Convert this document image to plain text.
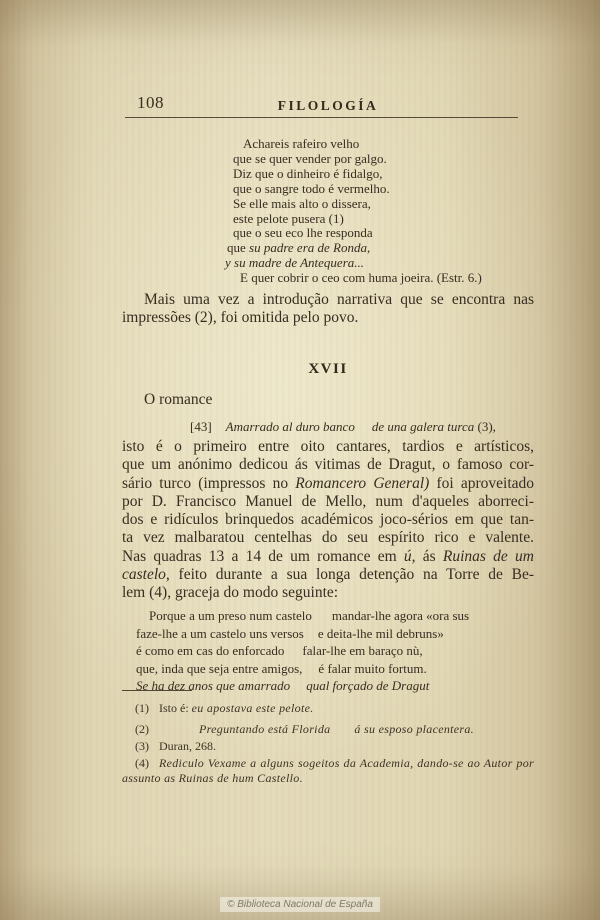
108	FILOLOGÍA
Achareis rafeiro velho
que se quer vender por galgo.
Diz que o dinheiro é fidalgo,
que o sangre todo é vermelho.
Se elle mais alto o dissera,
este pelote pusera (1)
que o seu eco lhe responda
que su padre era de Ronda,
y su madre de Antequera...
E quer cobrir o ceo com huma joeira. (Estr. 6.)
Mais uma vez a introdução narrativa que se encontra nas
impressões (2), foi omitida pelo povo.
XVII
O romance
[43] Amarrado al duro banco de una galera turca (3),
isto é o primeiro entre oito cantares, tardios e artísticos,
que um anónimo dedicou ás vitimas de Dragut, o famoso cor-
sário turco (impressos no Romancero General) foi aproveitado
por D. Francisco Manuel de Mello, num d'aqueles aborreci-
dos e ridículos brinquedos académicos joco-sérios em que tan-
ta vez malbaratou centelhas do seu espírito rico e valente.
Nas quadras 13 a 14 de um romance em ú, ás Ruinas de um
castelo, feito durante a sua longa detenção na Torre de Be-
lem (4), graceja do modo seguinte:
Porque a um preso num castelo mandar-lhe agora «ora sus
faze-lhe a um castelo uns versos e deita-lhe mil debruns»
é como em cas do enforcado falar-lhe em baraço nù,
que, inda que seja entre amigos, é falar muito fortum.
Se ha dez anos que amarrado qual forçado de Dragut
(1) Isto é: eu apostava este pelote.
(2)	Preguntando está Florida á su esposo placentera.
(3) Duran, 268.
(4) Rediculo Vexame a alguns sogeitos da Academia, dando-se ao Autor por
assunto as Ruinas de hum Castello.
© Biblioteca Nacional de España
